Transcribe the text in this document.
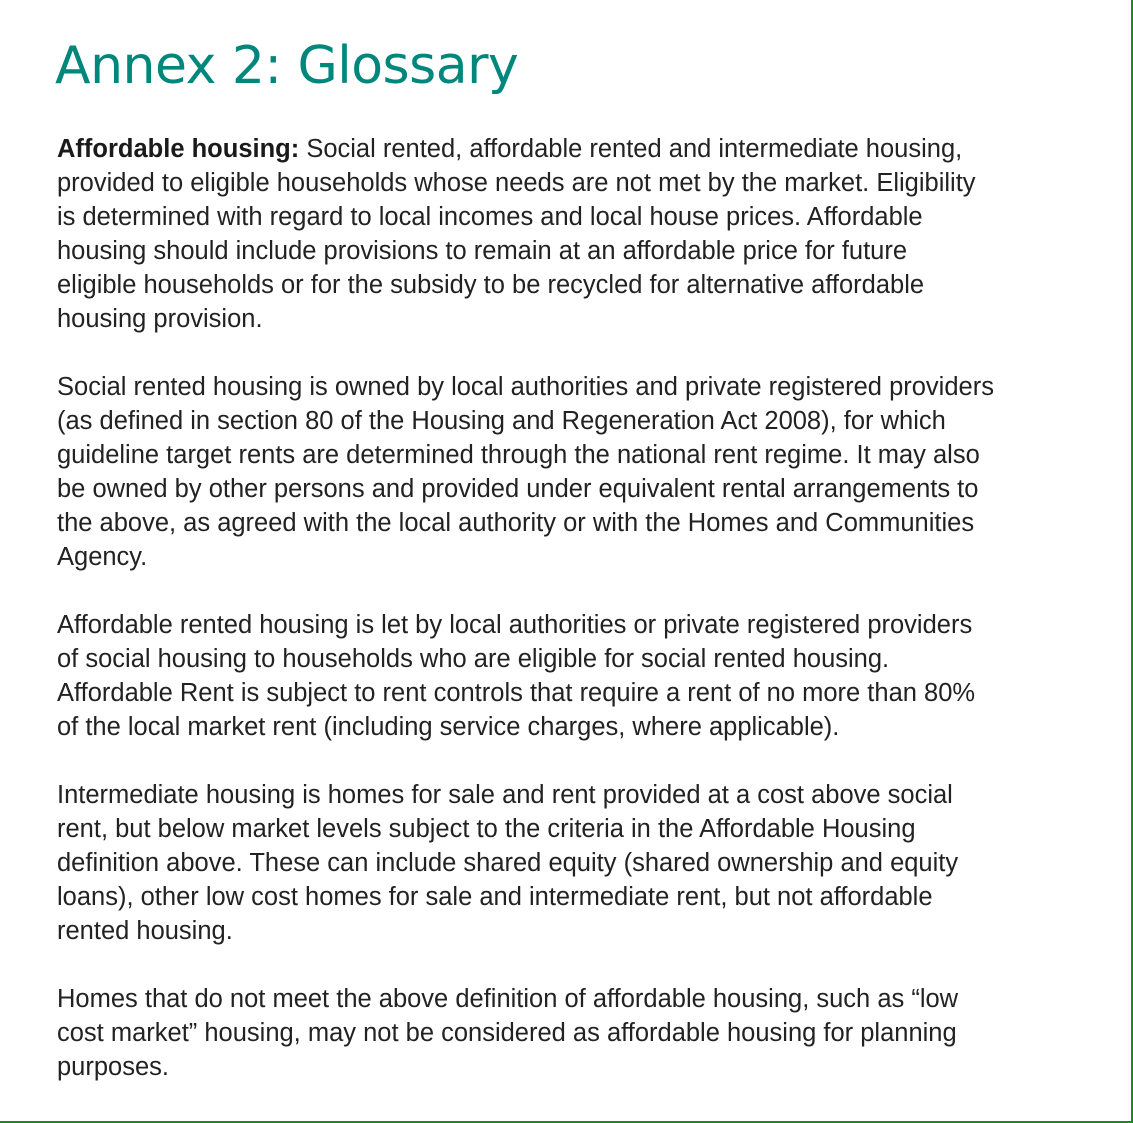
Annex 2: Glossary

Affordable housing: Social rented, affordable rented and intermediate housing,
provided to eligible households whose needs are not met by the market. Eligibility
is determined with regard to local incomes and local house prices. Affordable
housing should include provisions to remain at an affordable price for future
eligible households or for the subsidy to be recycled for alternative affordable
housing provision.

Social rented housing is owned by local authorities and private registered providers
(as defined in section 80 of the Housing and Regeneration Act 2008), for which
guideline target rents are determined through the national rent regime. It may also
be owned by other persons and provided under equivalent rental arrangements to
the above, as agreed with the local authority or with the Homes and Communities
Agency.

Affordable rented housing is let by local authorities or private registered providers
of social housing to households who are eligible for social rented housing.
Affordable Rent is subject to rent controls that require a rent of no more than 80%
of the local market rent (including service charges, where applicable).

Intermediate housing is homes for sale and rent provided at a cost above social
rent, but below market levels subject to the criteria in the Affordable Housing
definition above. These can include shared equity (shared ownership and equity
loans), other low cost homes for sale and intermediate rent, but not affordable
rented housing.

Homes that do not meet the above definition of affordable housing, such as “low
cost market” housing, may not be considered as affordable housing for planning
purposes.
